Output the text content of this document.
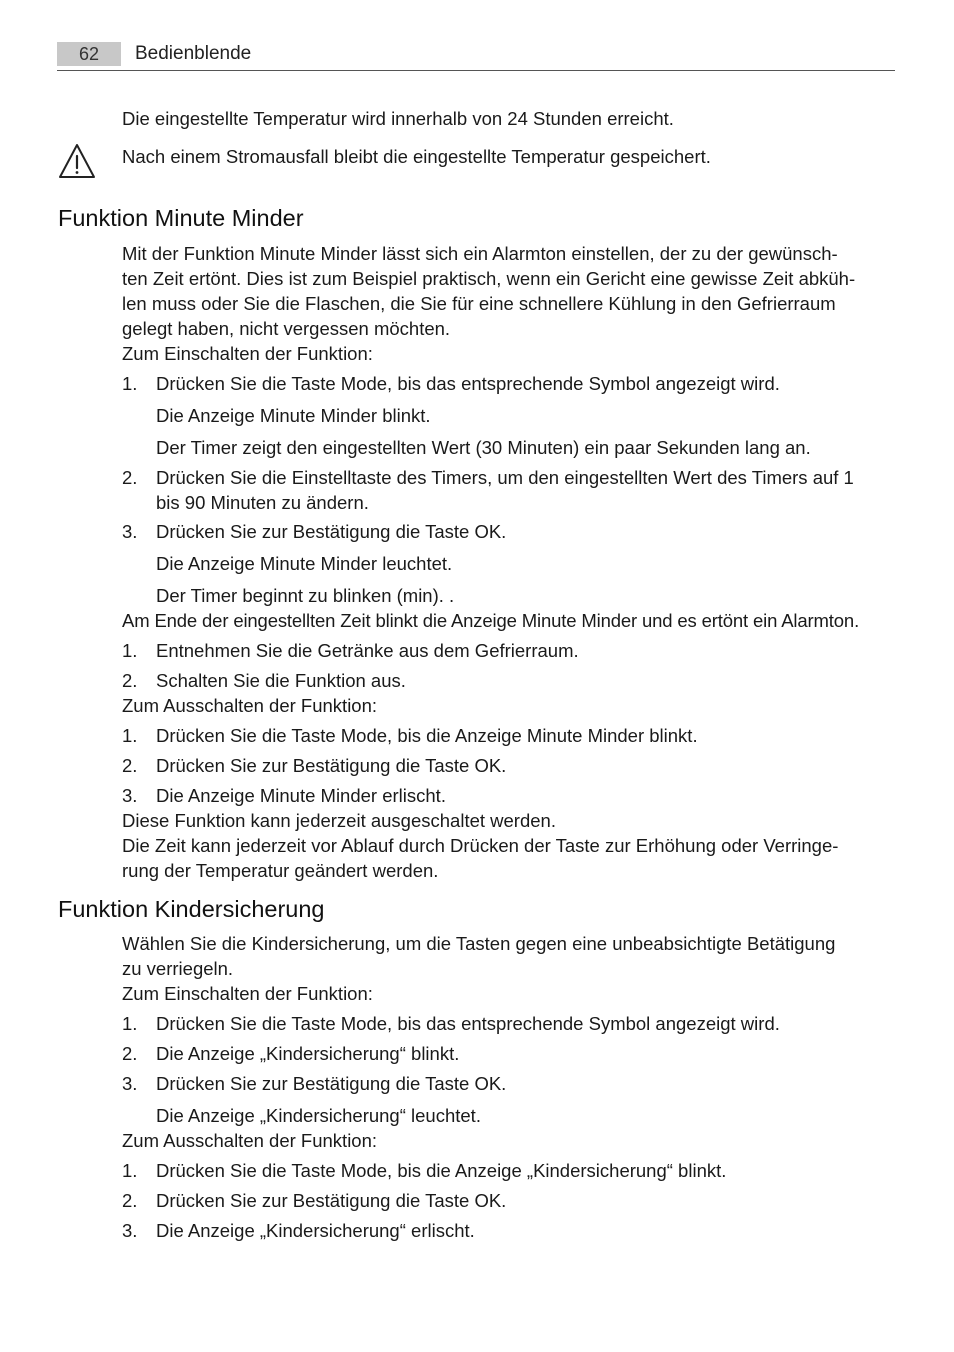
62	Bedienblende
Die eingestellte Temperatur wird innerhalb von 24 Stunden erreicht.
Nach einem Stromausfall bleibt die eingestellte Temperatur gespeichert.
Funktion Minute Minder
Mit der Funktion Minute Minder lässt sich ein Alarmton einstellen, der zu der gewünsch-
ten Zeit ertönt. Dies ist zum Beispiel praktisch, wenn ein Gericht eine gewisse Zeit abküh-
len muss oder Sie die Flaschen, die Sie für eine schnellere Kühlung in den Gefrierraum
gelegt haben, nicht vergessen möchten.
Zum Einschalten der Funktion:
1. Drücken Sie die Taste Mode, bis das entsprechende Symbol angezeigt wird.
Die Anzeige Minute Minder blinkt.
Der Timer zeigt den eingestellten Wert (30 Minuten) ein paar Sekunden lang an.
2. Drücken Sie die Einstelltaste des Timers, um den eingestellten Wert des Timers auf 1
bis 90 Minuten zu ändern.
3. Drücken Sie zur Bestätigung die Taste OK.
Die Anzeige Minute Minder leuchtet.
Der Timer beginnt zu blinken (min). .
Am Ende der eingestellten Zeit blinkt die Anzeige Minute Minder und es ertönt ein Alarmton.
1. Entnehmen Sie die Getränke aus dem Gefrierraum.
2. Schalten Sie die Funktion aus.
Zum Ausschalten der Funktion:
1. Drücken Sie die Taste Mode, bis die Anzeige Minute Minder blinkt.
2. Drücken Sie zur Bestätigung die Taste OK.
3. Die Anzeige Minute Minder erlischt.
Diese Funktion kann jederzeit ausgeschaltet werden.
Die Zeit kann jederzeit vor Ablauf durch Drücken der Taste zur Erhöhung oder Verringe-
rung der Temperatur geändert werden.
Funktion Kindersicherung
Wählen Sie die Kindersicherung, um die Tasten gegen eine unbeabsichtigte Betätigung
zu verriegeln.
Zum Einschalten der Funktion:
1. Drücken Sie die Taste Mode, bis das entsprechende Symbol angezeigt wird.
2. Die Anzeige „Kindersicherung“ blinkt.
3. Drücken Sie zur Bestätigung die Taste OK.
Die Anzeige „Kindersicherung“ leuchtet.
Zum Ausschalten der Funktion:
1. Drücken Sie die Taste Mode, bis die Anzeige „Kindersicherung“ blinkt.
2. Drücken Sie zur Bestätigung die Taste OK.
3. Die Anzeige „Kindersicherung“ erlischt.
